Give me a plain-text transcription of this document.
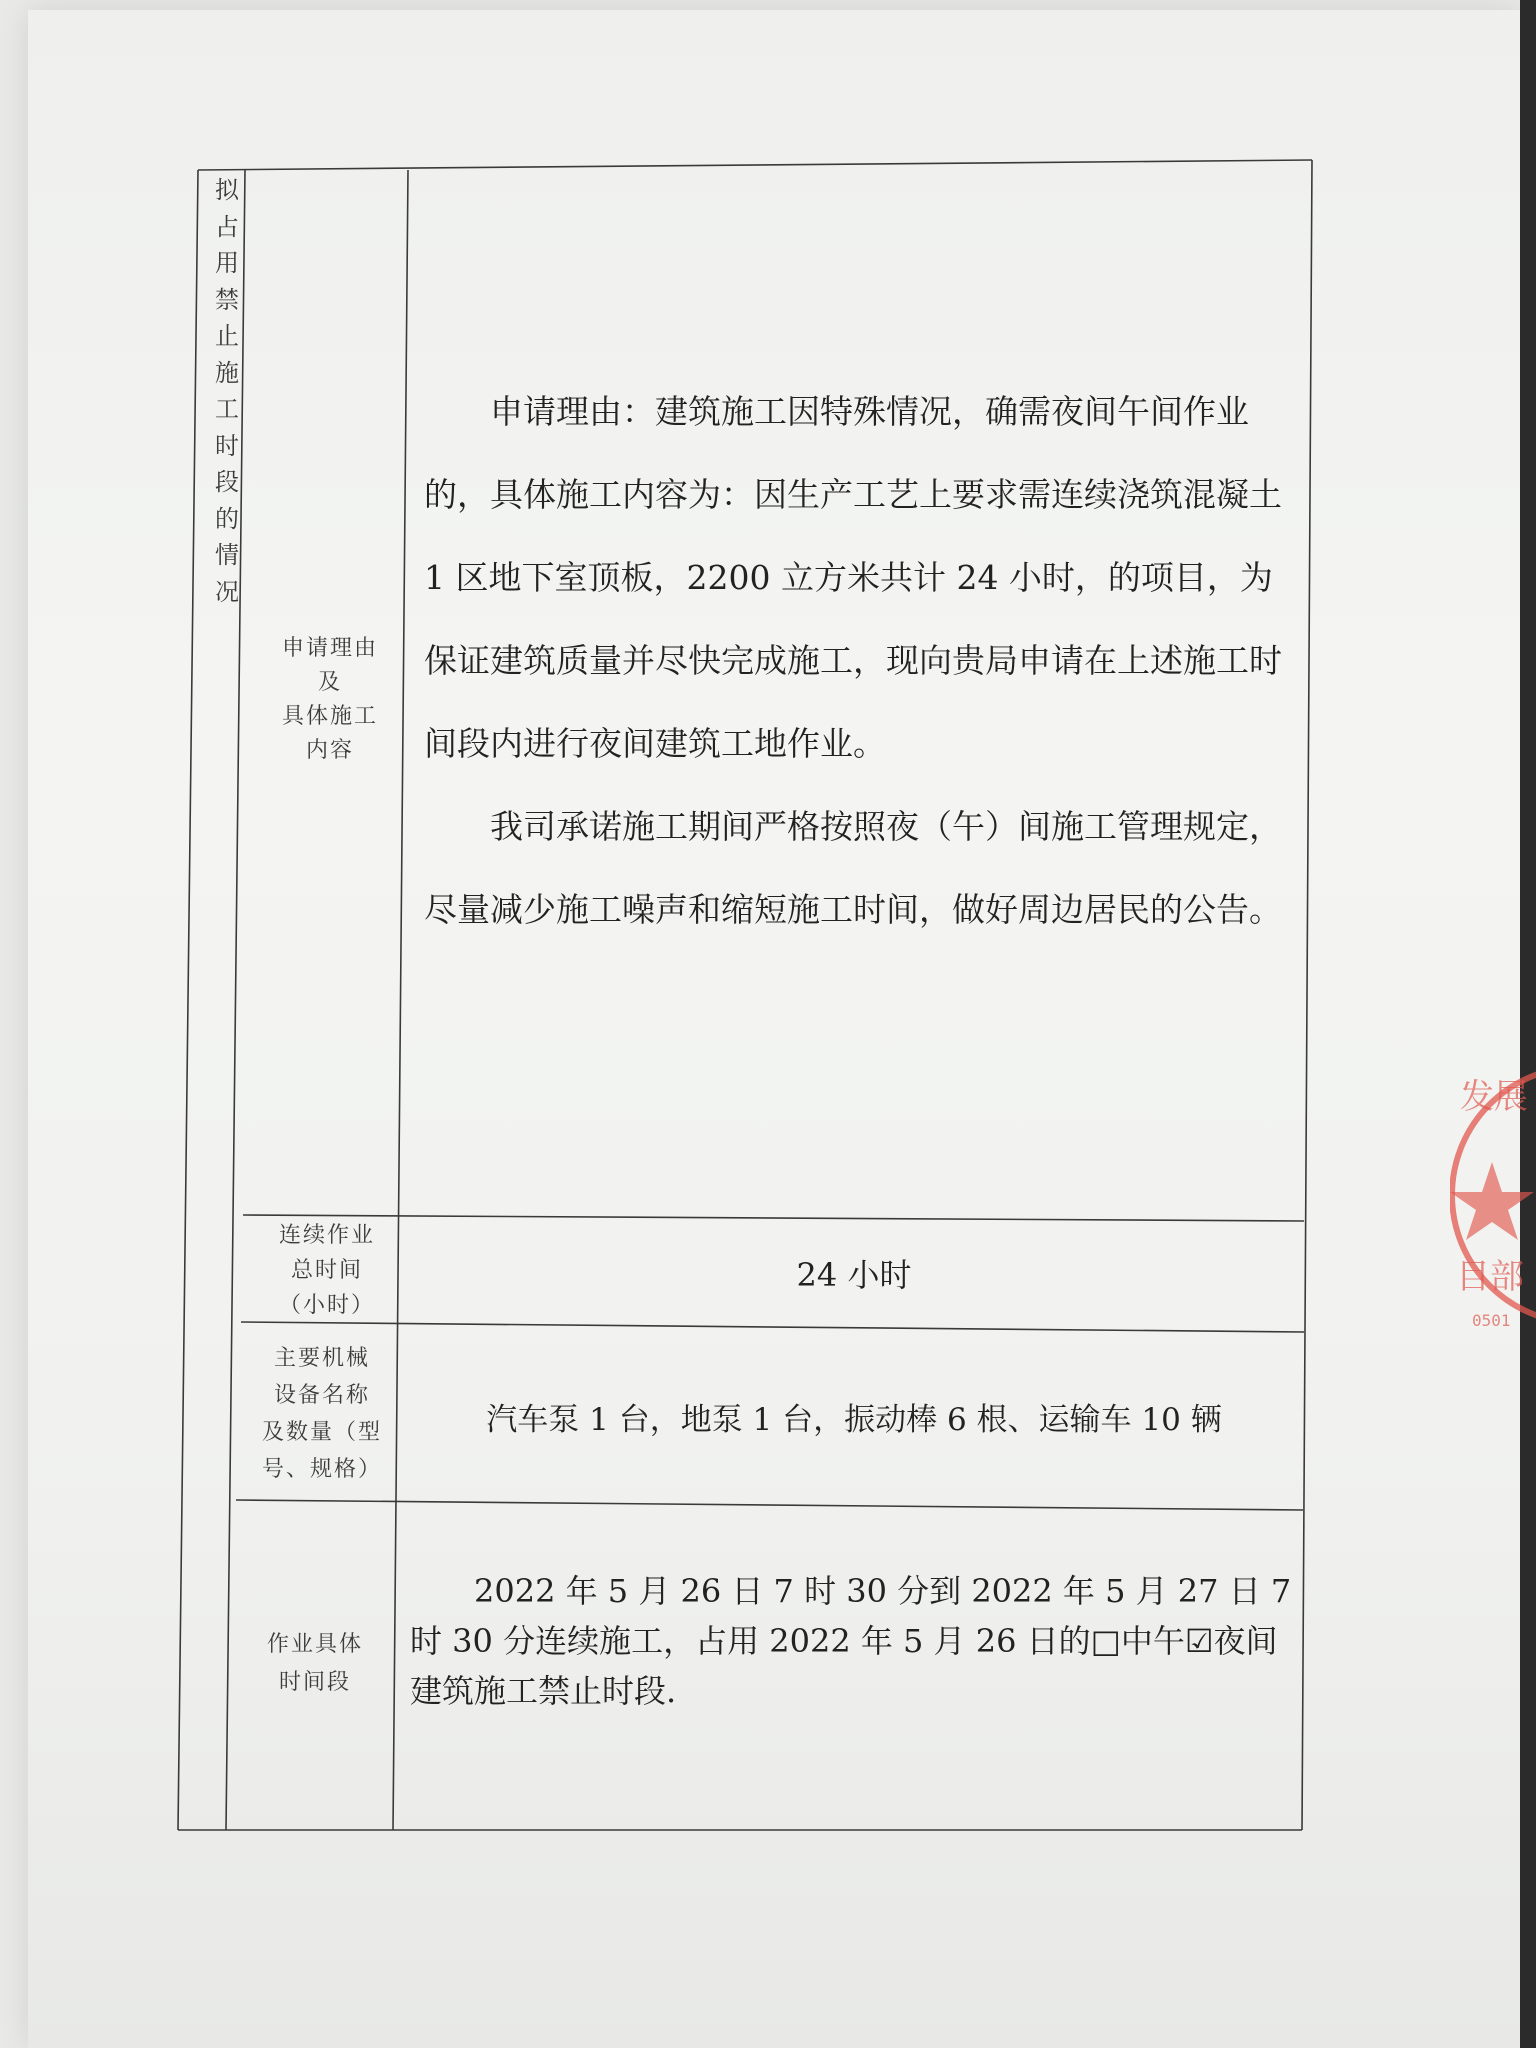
拟占用禁止施工时段的情况
申请理由
及
具体施工
内容

申请理由：建筑施工因特殊情况，确需夜间午间作业的，具体施工内容为：因生产工艺上要求需连续浇筑混凝土 1 区地下室顶板，2200 立方米共计 24 小时，的项目，为保证建筑质量并尽快完成施工，现向贵局申请在上述施工时间段内进行夜间建筑工地作业。

我司承诺施工期间严格按照夜（午）间施工管理规定，尽量减少施工噪声和缩短施工时间，做好周边居民的公告。

连续作业
总时间
（小时）
24 小时
主要机械
设备名称
及数量（型
号、规格）
汽车泵 1 台，地泵 1 台，振动棒 6 根、运输车 10 辆
作业具体
时间段
2022 年 5 月 26 日 7 时 30 分到 2022 年 5 月 27 日 7 时 30 分连续施工，占用 2022 年 5 月 26 日的□中午☑夜间建筑施工禁止时段.
发展
目部
0501
